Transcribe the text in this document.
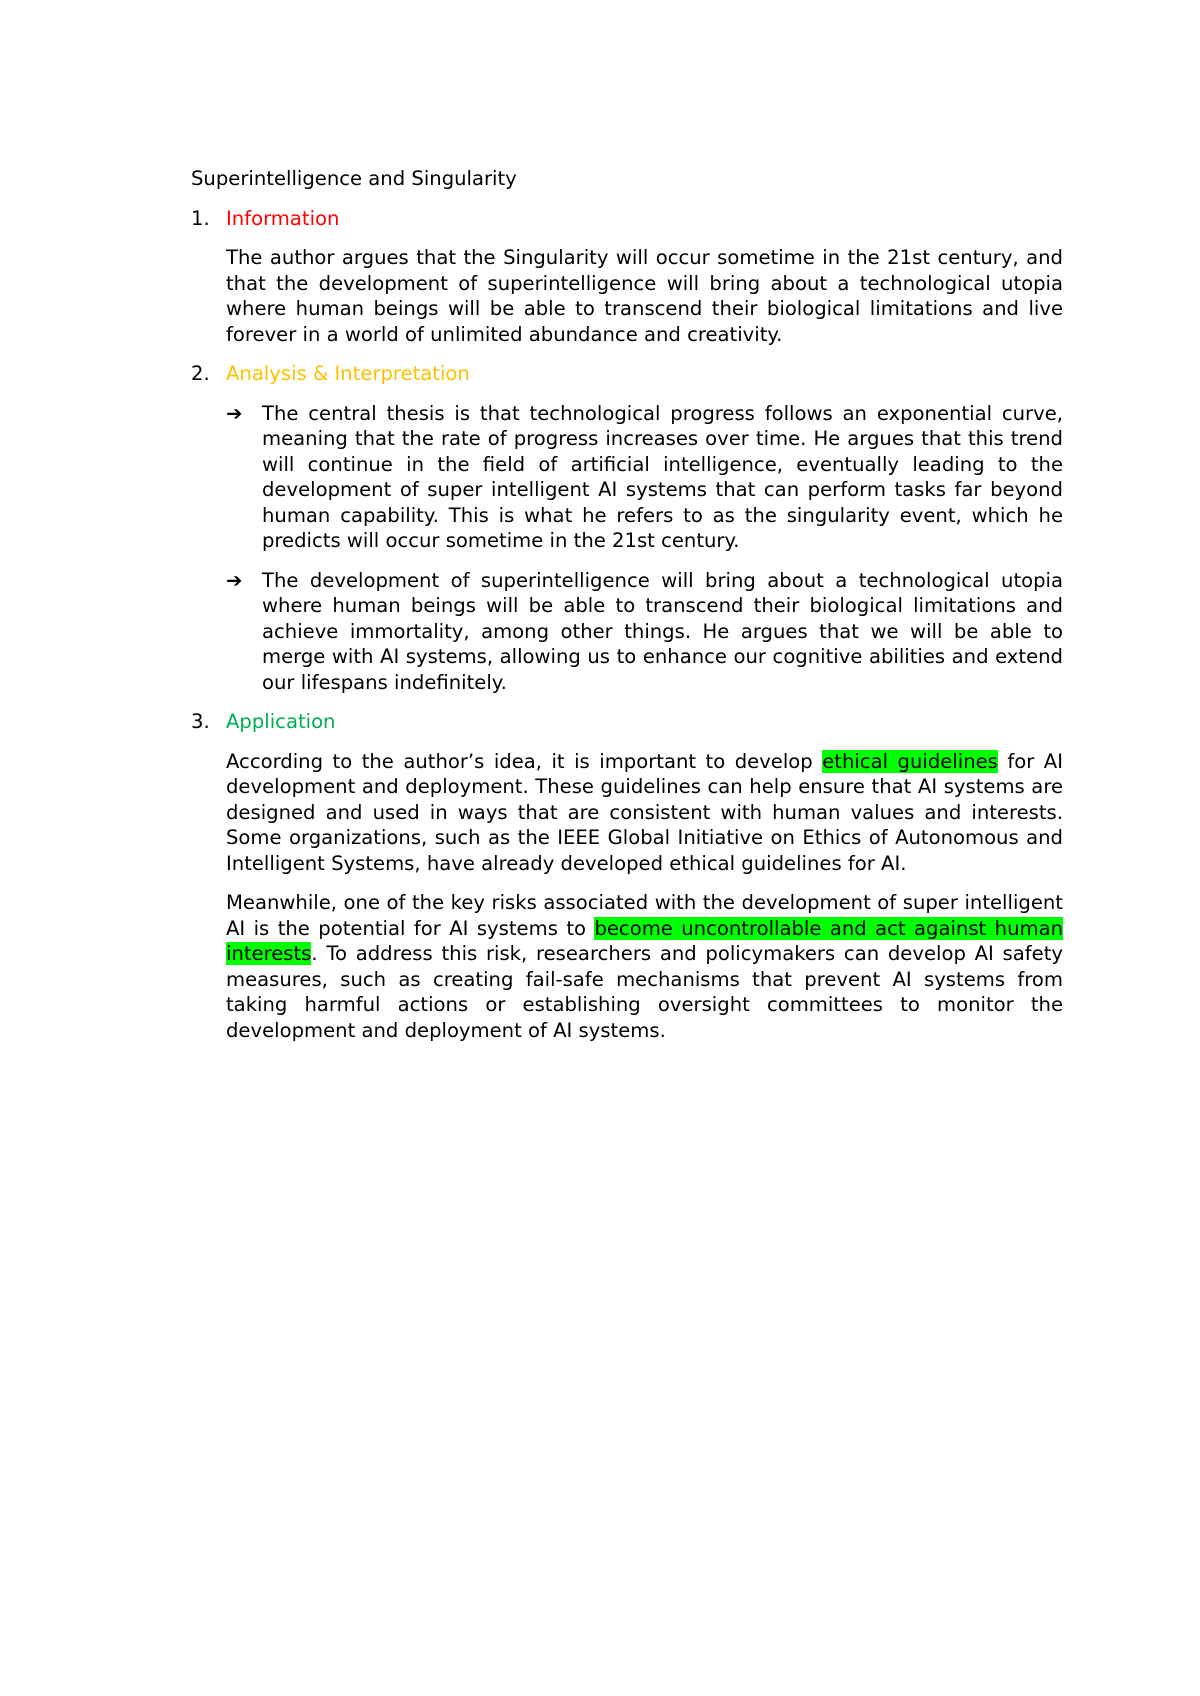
Superintelligence and Singularity

1. Information

The author argues that the Singularity will occur sometime in the 21st century, and that the development of superintelligence will bring about a technological utopia where human beings will be able to transcend their biological limitations and live forever in a world of unlimited abundance and creativity.

2. Analysis & Interpretation
➔ The central thesis is that technological progress follows an exponential curve, meaning that the rate of progress increases over time. He argues that this trend will continue in the field of artificial intelligence, eventually leading to the development of super intelligent AI systems that can perform tasks far beyond human capability. This is what he refers to as the singularity event, which he predicts will occur sometime in the 21st century.
➔ The development of superintelligence will bring about a technological utopia where human beings will be able to transcend their biological limitations and achieve immortality, among other things. He argues that we will be able to merge with AI systems, allowing us to enhance our cognitive abilities and extend our lifespans indefinitely.
3. Application

According to the author’s idea, it is important to develop ethical guidelines for AI development and deployment. These guidelines can help ensure that AI systems are designed and used in ways that are consistent with human values and interests. Some organizations, such as the IEEE Global Initiative on Ethics of Autonomous and Intelligent Systems, have already developed ethical guidelines for AI.

Meanwhile, one of the key risks associated with the development of super intelligent AI is the potential for AI systems to become uncontrollable and act against human interests. To address this risk, researchers and policymakers can develop AI safety measures, such as creating fail-safe mechanisms that prevent AI systems from taking harmful actions or establishing oversight committees to monitor the development and deployment of AI systems.
